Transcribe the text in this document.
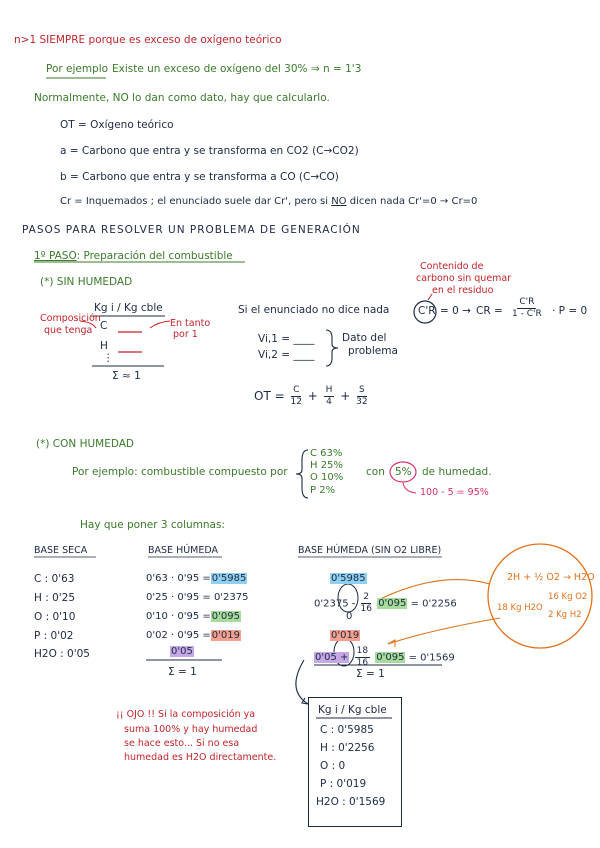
n>1 SIEMPRE porque es exceso de oxígeno teórico
Por ejemplo Existe un exceso de oxígeno del 30% ⇒ n = 1'3
Normalmente, NO lo dan como dato, hay que calcularlo.
OT = Oxígeno teórico
a = Carbono que entra y se transforma en CO2 (C→CO2)
b = Carbono que entra y se transforma a CO (C→CO)
Cr = Inquemados ; el enunciado suele dar Cr', pero si NO dicen nada Cr'=0 → Cr=0
PASOS PARA RESOLVER UN PROBLEMA DE GENERACIÓN
1º PASO: Preparación del combustible
(*) SIN HUMEDAD
Kg i / Kg cble
C
H
⋮
Σ ≈ 1
Composición
que tenga
En tanto
por 1
Si el enunciado no dice nada
Vi,1 = ____
Vi,2 = ____
Dato del
problema
Contenido de
carbono sin quemar
en el residuo
C'R = 0 → CR = $\frac{C'R}{1 - C'R} \cdot P = 0$
OT = $\frac{C}{12} + \frac{H}{4} + \frac{S}{32}$
(*) CON HUMEDAD
Por ejemplo: combustible compuesto por
C 63%
H 25%
O 10%
P 2%
con 5% de humedad.
100 - 5 = 95%
Hay que poner 3 columnas:
BASE SECA	BASE HÚMEDA	BASE HÚMEDA (SIN O2 LIBRE)
C : 0'63
H : 0'25
O : 0'10
P : 0'02
H2O : 0'05
0'63 · 0'95 =0'5985
0'25 · 0'95 = 0'2375
0'10 · 0'95 =0'095
0'02 · 0'95 =0'019
0'05
Σ = 1
0'5985
$0'2375 - \frac{2}{16} 0'095 = 0'2256$
0
0'019
$0'05 + \frac{18}{16} 0'095 = 0'1569$
Σ = 1
2H + ½ O2 → H2O
16 Kg O2
18 Kg H2O
2 Kg H2
¡¡ OJO !! Si la composición ya
suma 100% y hay humedad
se hace esto... Si no esa
humedad es H2O directamente.
Kg i / Kg cble
C : 0'5985
H : 0'2256
O : 0
P : 0'019
H2O : 0'1569
